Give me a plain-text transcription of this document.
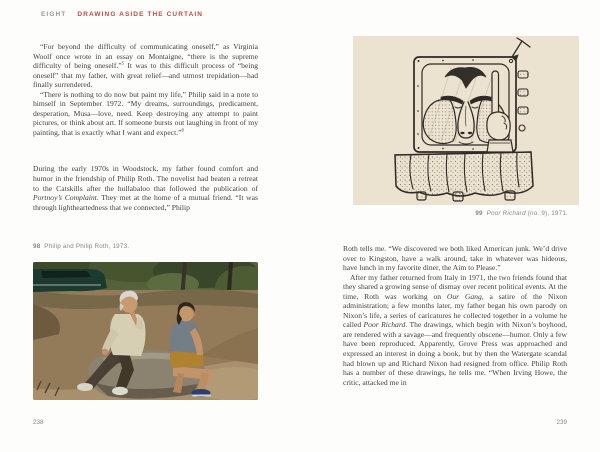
EIGHT DRAWING ASIDE THE CURTAIN

“For beyond the difficulty of communicating oneself,” as Virginia Woolf once wrote in an essay on Montaigne, “there is the supreme difficulty of being oneself.”$^5$ It was to this difficult process of “being oneself” that my father, with great relief—and utmost trepidation—had finally surrendered.

“There is nothing to do now but paint my life,” Philip said in a note to himself in September 1972. “My dreams, surroundings, predicament, desperation, Musa—love, need. Keep destroying any attempt to paint pictures, or think about art. If someone bursts out laughing in front of my painting, that is exactly what I want and expect.”$^6$

During the early 1970s in Woodstock, my father found comfort and humor in the friendship of Philip Roth. The novelist had beaten a retreat to the Catskills after the hullabaloo that followed the publication of Portnoy’s Complaint. They met at the home of a mutual friend. “It was through lightheartedness that we connected,” Philip

98  Philip and Philip Roth, 1973.
238
99 Poor Richard (no. 9), 1971.

Roth tells me. “We discovered we both liked American junk. We’d drive over to Kingston, have a walk around, take in whatever was hideous, have lunch in my favorite diner, the Aim to Please.”

After my father returned from Italy in 1971, the two friends found that they shared a growing sense of dismay over recent political events. At the time, Roth was working on Our Gang, a satire of the Nixon administration; a few months later, my father began his own parody on Nixon’s life, a series of caricatures he collected together in a volume he called Poor Richard. The drawings, which begin with Nixon’s boyhood, are rendered with a savage—and frequently obscene—humor. Only a few have been reproduced. Apparently, Grove Press was approached and expressed an interest in doing a book, but by then the Watergate scandal had blown up and Richard Nixon had resigned from office. Philip Roth has a number of these drawings, he tells me. “When Irving Howe, the critic, attacked me in

239
